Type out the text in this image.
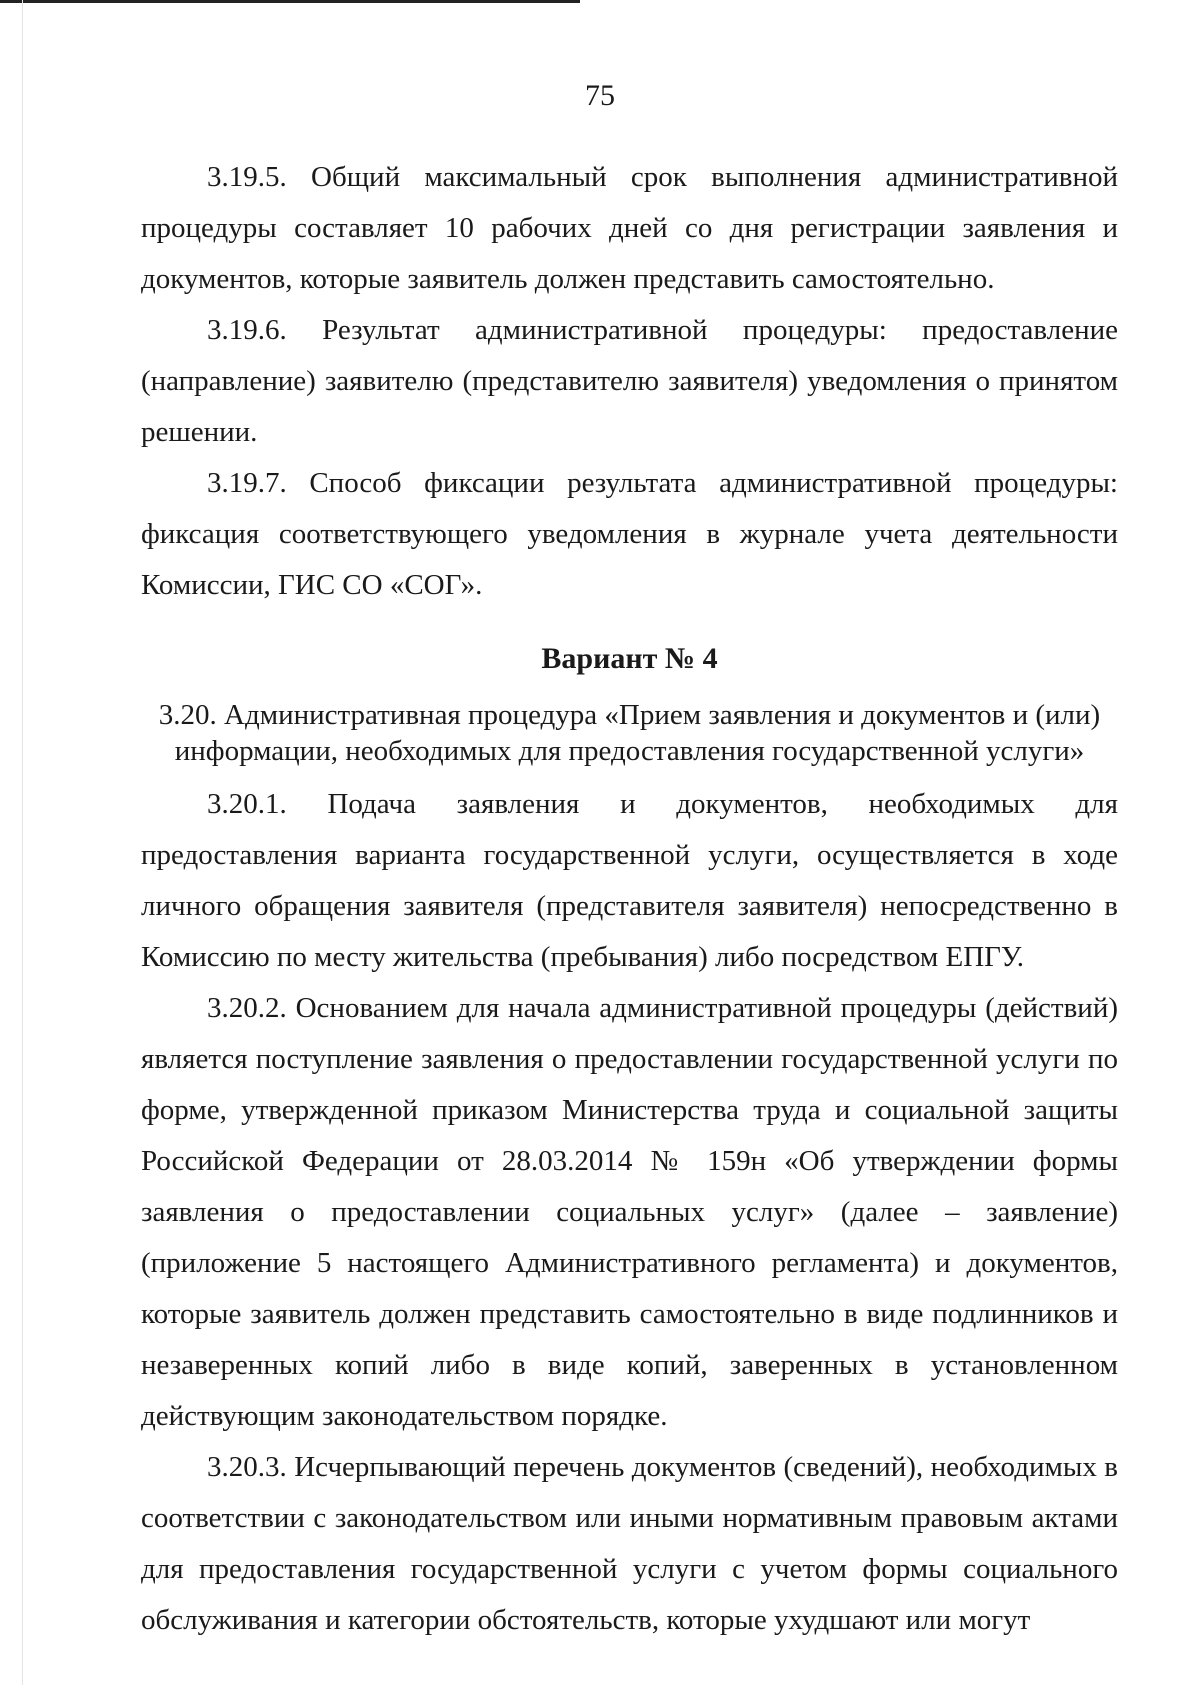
75

3.19.5. Общий максимальный срок выполнения административной процедуры составляет 10 рабочих дней со дня регистрации заявления и документов, которые заявитель должен представить самостоятельно.

3.19.6. Результат административной процедуры: предоставление (направление) заявителю (представителю заявителя) уведомления о принятом решении.

3.19.7. Способ фиксации результата административной процедуры: фиксация соответствующего уведомления в журнале учета деятельности Комиссии, ГИС СО «СОГ».

Вариант № 4
3.20. Административная процедура «Прием заявления и документов и (или)
информации, необходимых для предоставления государственной услуги»

3.20.1. Подача заявления и документов, необходимых для предоставления варианта государственной услуги, осуществляется в ходе личного обращения заявителя (представителя заявителя) непосредственно в Комиссию по месту жительства (пребывания) либо посредством ЕПГУ.

3.20.2. Основанием для начала административной процедуры (действий) является поступление заявления о предоставлении государственной услуги по форме, утвержденной приказом Министерства труда и социальной защиты Российской Федерации от 28.03.2014 № 159н «Об утверждении формы заявления о предоставлении социальных услуг» (далее – заявление) (приложение 5 настоящего Административного регламента) и документов, которые заявитель должен представить самостоятельно в виде подлинников и незаверенных копий либо в виде копий, заверенных в установленном действующим законодательством порядке.

3.20.3. Исчерпывающий перечень документов (сведений), необходимых в соответствии с законодательством или иными нормативным правовым актами для предоставления государственной услуги с учетом формы социального обслуживания и категории обстоятельств, которые ухудшают или могут
